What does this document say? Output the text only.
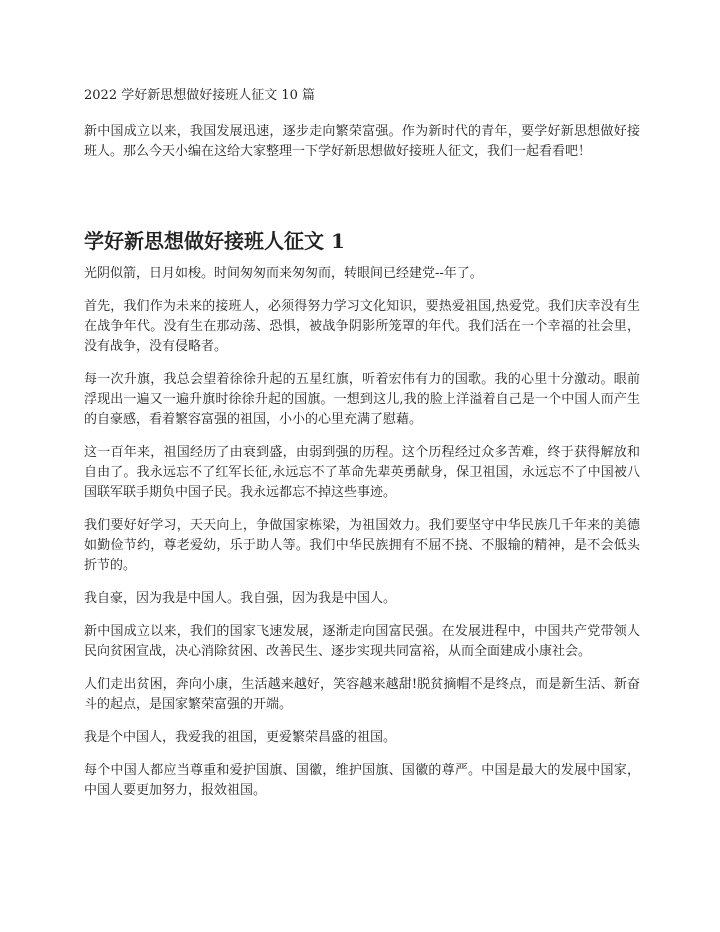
2022 学好新思想做好接班人征文 10 篇

新中国成立以来，我国发展迅速，逐步走向繁荣富强。作为新时代的青年，要学好新思想做好接班人。那么今天小编在这给大家整理一下学好新思想做好接班人征文，我们一起看看吧！

学好新思想做好接班人征文 1

光阴似箭，日月如梭。时间匆匆而来匆匆而，转眼间已经建党--年了。

首先，我们作为未来的接班人，必须得努力学习文化知识，要热爱祖国,热爱党。我们庆幸没有生在战争年代。没有生在那动荡、恐惧，被战争阴影所笼罩的年代。我们活在一个幸福的社会里，没有战争，没有侵略者。

每一次升旗，我总会望着徐徐升起的五星红旗，听着宏伟有力的国歌。我的心里十分激动。眼前浮现出一遍又一遍升旗时徐徐升起的国旗。一想到这儿,我的脸上洋溢着自己是一个中国人而产生的自豪感，看着繁容富强的祖国，小小的心里充满了慰藉。

这一百年来，祖国经历了由衰到盛，由弱到强的历程。这个历程经过众多苦难，终于获得解放和自由了。我永远忘不了红军长征,永远忘不了革命先辈英勇献身，保卫祖国，永远忘不了中国被八国联军联手期负中国子民。我永远都忘不掉这些事迹。

我们要好好学习，天天向上，争做国家栋梁，为祖国效力。我们要坚守中华民族几千年来的美德如勤俭节约，尊老爱幼，乐于助人等。我们中华民族拥有不屈不挠、不服输的精神，是不会低头折节的。

我自豪，因为我是中国人。我自强，因为我是中国人。

新中国成立以来，我们的国家飞速发展，逐渐走向国富民强。在发展进程中，中国共产党带领人民向贫困宣战，决心消除贫困、改善民生、逐步实现共同富裕，从而全面建成小康社会。

人们走出贫困，奔向小康，生活越来越好，笑容越来越甜!脱贫摘帽不是终点，而是新生活、新奋斗的起点，是国家繁荣富强的开端。

我是个中国人，我爱我的祖国，更爱繁荣昌盛的祖国。

每个中国人都应当尊重和爱护国旗、国徽，维护国旗、国徽的尊严。中国是最大的发展中国家，中国人要更加努力，报效祖国。
